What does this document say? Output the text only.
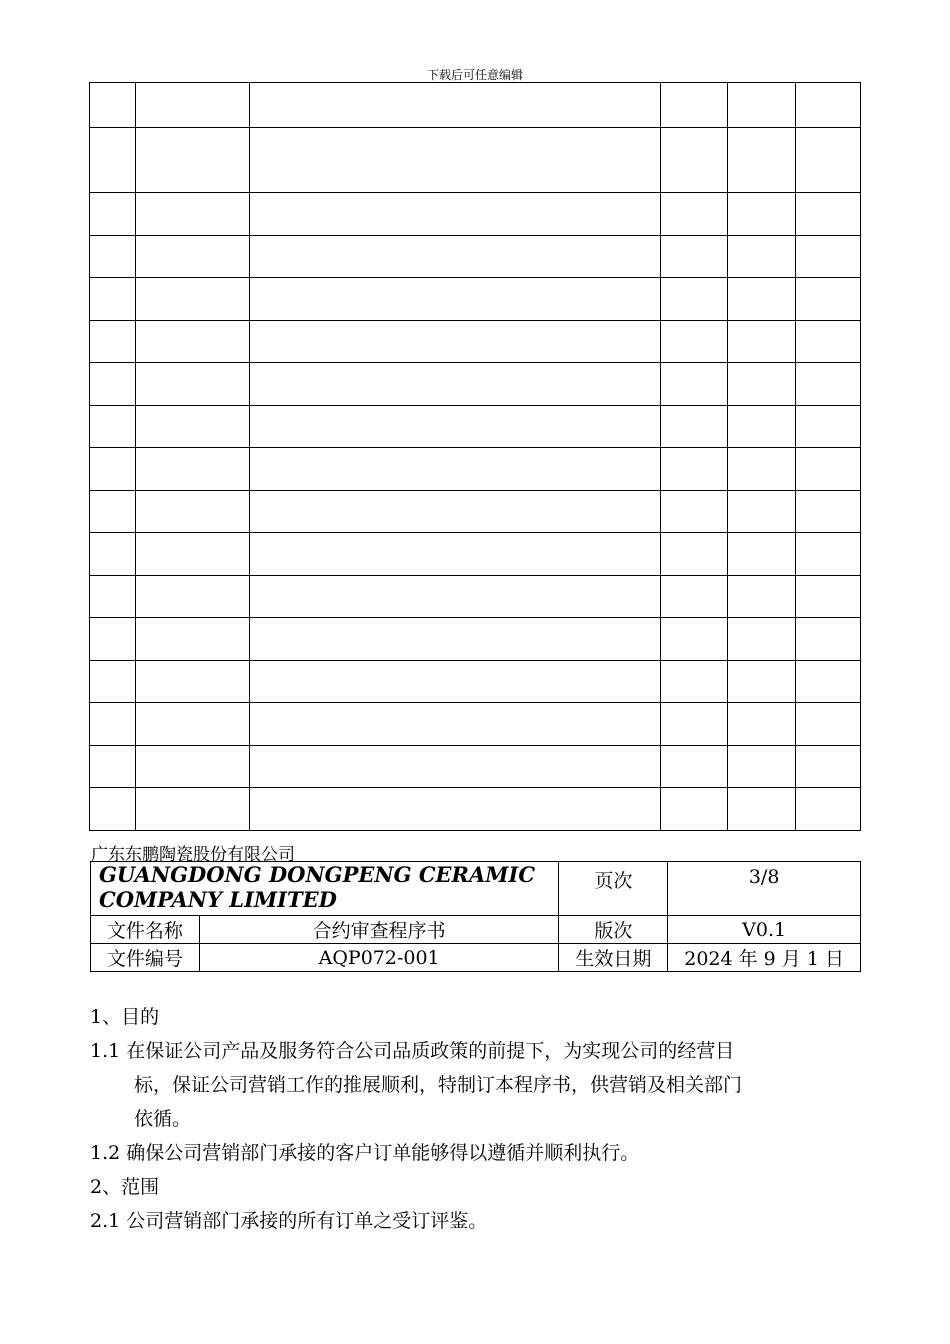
下载后可任意编辑

广东东鹏陶瓷股份有限公司
GUANGDONG DONGPENG CERAMIC COMPANY LIMITED		页次	3/8
文件名称	合约审查程序书	版次	V0.1
文件编号	AQP072-001	生效日期	2024 年 9 月 1 日

1、目的

1.1 在保证公司产品及服务符合公司品质政策的前提下，为实现公司的经营目

标，保证公司营销工作的推展顺利，特制订本程序书，供营销及相关部门

依循。

1.2 确保公司营销部门承接的客户订单能够得以遵循并顺利执行。

2、范围

2.1 公司营销部门承接的所有订单之受订评鉴。
